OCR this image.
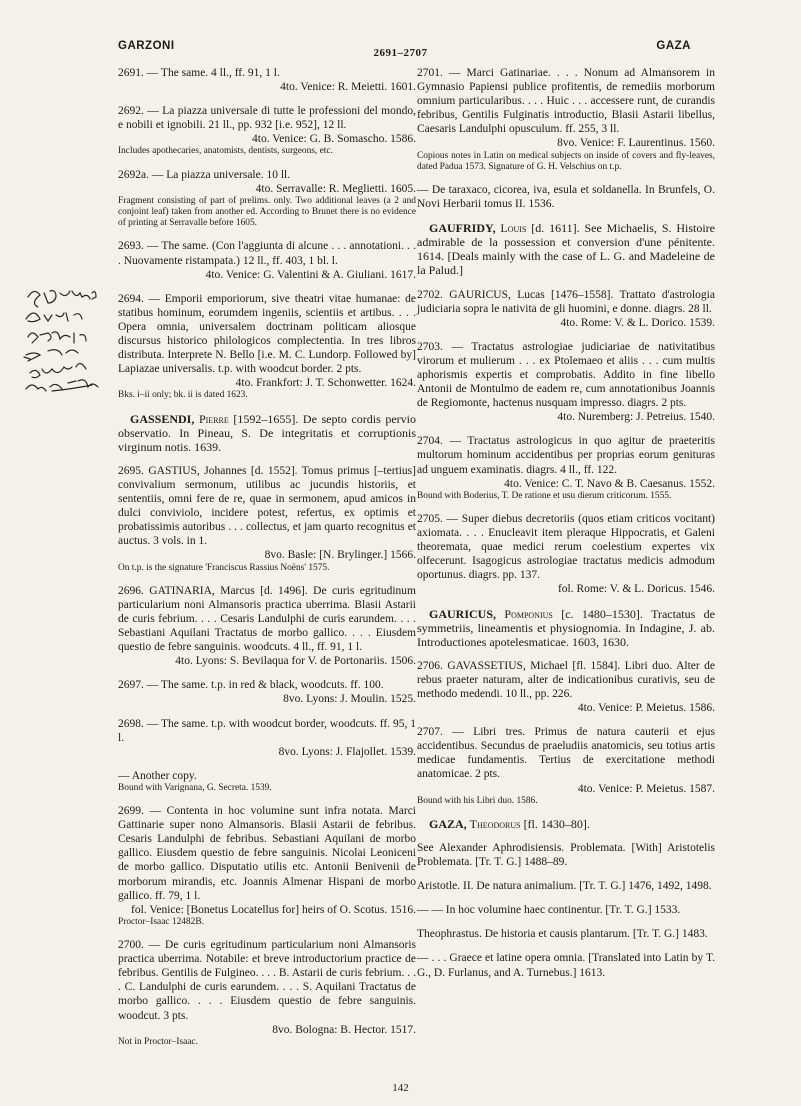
GARZONI
2691–2707
GAZA

2691. — The same. 4 ll., ff. 91, 1 l.

4to. Venice: R. Meietti. 1601.

2692. — La piazza universale di tutte le professioni del mondo, e nobili et ignobili. 21 ll., pp. 932 [i.e. 952], 12 ll.

4to. Venice: G. B. Somascho. 1586.

Includes apothecaries, anatomists, dentists, surgeons, etc.

2692a. — La piazza universale. 10 ll.

4to. Serravalle: R. Meglietti. 1605.

Fragment consisting of part of prelims. only. Two additional leaves (a 2 and conjoint leaf) taken from another ed. According to Brunet there is no evidence of printing at Serravalle before 1605.

2693. — The same. (Con l'aggiunta di alcune . . . annotationi. . . . Nuovamente ristampata.) 12 ll., ff. 403, 1 bl. l.

4to. Venice: G. Valentini & A. Giuliani. 1617.

2694. — Emporii emporiorum, sive theatri vitae humanae: de statibus hominum, eorumdem ingeniis, scientiis et artibus. . . . Opera omnia, universalem doctrinam politicam aliosque discursus historico philologicos complectentia. In tres libros distributa. Interprete N. Bello [i.e. M. C. Lundorp. Followed by] Lapiazae universalis. t.p. with woodcut border. 2 pts.

4to. Frankfort: J. T. Schonwetter. 1624.

Bks. i–ii only; bk. ii is dated 1623.

GASSENDI, Pierre [1592–1655]. De septo cordis pervio observatio. In Pineau, S. De integritatis et corruptionis virginum notis. 1639.

2695. GASTIUS, Johannes [d. 1552]. Tomus primus [–tertius] convivalium sermonum, utilibus ac jucundis historiis, et sententiis, omni fere de re, quae in sermonem, apud amicos in dulci conviviolo, incidere potest, refertus, ex optimis et probatissimis autoribus . . . collectus, et jam quarto recognitus et auctus. 3 vols. in 1.

8vo. Basle: [N. Brylinger.] 1566.

On t.p. is the signature 'Franciscus Rassius Noëns' 1575.

2696. GATINARIA, Marcus [d. 1496]. De curis egritudinum particularium noni Almansoris practica uberrima. Blasii Astarii de curis febrium. . . . Cesaris Landulphi de curis earundem. . . . Sebastiani Aquilani Tractatus de morbo gallico. . . . Eiusdem questio de febre sanguinis. woodcuts. 4 ll., ff. 91, 1 l.

4to. Lyons: S. Bevilaqua for V. de Portonariis. 1506.

2697. — The same. t.p. in red & black, woodcuts. ff. 100.

8vo. Lyons: J. Moulin. 1525.

2698. — The same. t.p. with woodcut border, woodcuts. ff. 95, 1 l.

8vo. Lyons: J. Flajollet. 1539.

— Another copy.

Bound with Varignana, G. Secreta. 1539.

2699. — Contenta in hoc volumine sunt infra notata. Marci Gattinarie super nono Almansoris. Blasii Astarii de febribus. Cesaris Landulphi de febribus. Sebastiani Aquilani de morbo gallico. Eiusdem questio de febre sanguinis. Nicolai Leoniceni de morbo gallico. Disputatio utilis etc. Antonii Benivenii de morborum mirandis, etc. Joannis Almenar Hispani de morbo gallico. ff. 79, 1 l.

fol. Venice: [Bonetus Locatellus for] heirs of O. Scotus. 1516.

Proctor–Isaac 12482B.

2700. — De curis egritudinum particularium noni Almansoris practica uberrima. Notabile: et breve introductorium practice de febribus. Gentilis de Fulgineo. . . . B. Astarii de curis febrium. . . . C. Landulphi de curis earundem. . . . S. Aquilani Tractatus de morbo gallico. . . . Eiusdem questio de febre sanguinis. woodcut. 3 pts.

8vo. Bologna: B. Hector. 1517.

Not in Proctor–Isaac.

2701. — Marci Gatinariae. . . . Nonum ad Almansorem in Gymnasio Papiensi publice profitentis, de remediis morborum omnium particularibus. . . . Huic . . . accessere runt, de curandis febribus, Gentilis Fulginatis introductio, Blasii Astarii libellus, Caesaris Landulphi opusculum. ff. 255, 3 ll.

8vo. Venice: F. Laurentinus. 1560.

Copious notes in Latin on medical subjects on inside of covers and fly-leaves, dated Padua 1573. Signature of G. H. Velschius on t.p.

— De taraxaco, cicorea, iva, esula et soldanella. In Brunfels, O. Novi Herbarii tomus II. 1536.

GAUFRIDY, Louis [d. 1611]. See Michaelis, S. Histoire admirable de la possession et conversion d'une pénitente. 1614. [Deals mainly with the case of L. G. and Madeleine de la Palud.]

2702. GAURICUS, Lucas [1476–1558]. Trattato d'astrologia judiciaria sopra le nativita de gli huomini, e donne. diagrs. 28 ll.

4to. Rome: V. & L. Dorico. 1539.

2703. — Tractatus astrologiae judiciariae de nativitatibus virorum et mulierum . . . ex Ptolemaeo et aliis . . . cum multis aphorismis expertis et comprobatis. Addito in fine libello Antonii de Montulmo de eadem re, cum annotationibus Joannis de Regiomonte, hactenus nusquam impresso. diagrs. 2 pts.

4to. Nuremberg: J. Petreius. 1540.

2704. — Tractatus astrologicus in quo agitur de praeteritis multorum hominum accidentibus per proprias eorum genituras ad unguem examinatis. diagrs. 4 ll., ff. 122.

4to. Venice: C. T. Navo & B. Caesanus. 1552.

Bound with Boderius, T. De ratione et usu dierum criticorum. 1555.

2705. — Super diebus decretoriis (quos etiam criticos vocitant) axiomata. . . . Enucleavit item pleraque Hippocratis, et Galeni theoremata, quae medici rerum coelestium expertes vix olfecerunt. Isagogicus astrologiae tractatus medicis admodum oportunus. diagrs. pp. 137.

fol. Rome: V. & L. Doricus. 1546.

GAURICUS, Pomponius [c. 1480–1530]. Tractatus de symmetriis, lineamentis et physiognomia. In Indagine, J. ab. Introductiones apotelesmaticae. 1603, 1630.

2706. GAVASSETIUS, Michael [fl. 1584]. Libri duo. Alter de rebus praeter naturam, alter de indicationibus curativis, seu de methodo medendi. 10 ll., pp. 226.

4to. Venice: P. Meietus. 1586.

2707. — Libri tres. Primus de natura cauterii et ejus accidentibus. Secundus de praeludiis anatomicis, seu totius artis medicae fundamentis. Tertius de exercitatione methodi anatomicae. 2 pts.

4to. Venice: P. Meietus. 1587.

Bound with his Libri duo. 1586.

GAZA, Theodorus [fl. 1430–80].

See Alexander Aphrodisiensis. Problemata. [With] Aristotelis Problemata. [Tr. T. G.] 1488–89.

Aristotle. II. De natura animalium. [Tr. T. G.] 1476, 1492, 1498.

— — In hoc volumine haec continentur. [Tr. T. G.] 1533.

Theophrastus. De historia et causis plantarum. [Tr. T. G.] 1483.

— . . . Graece et latine opera omnia. [Translated into Latin by T. G., D. Furlanus, and A. Turnebus.] 1613.

142
